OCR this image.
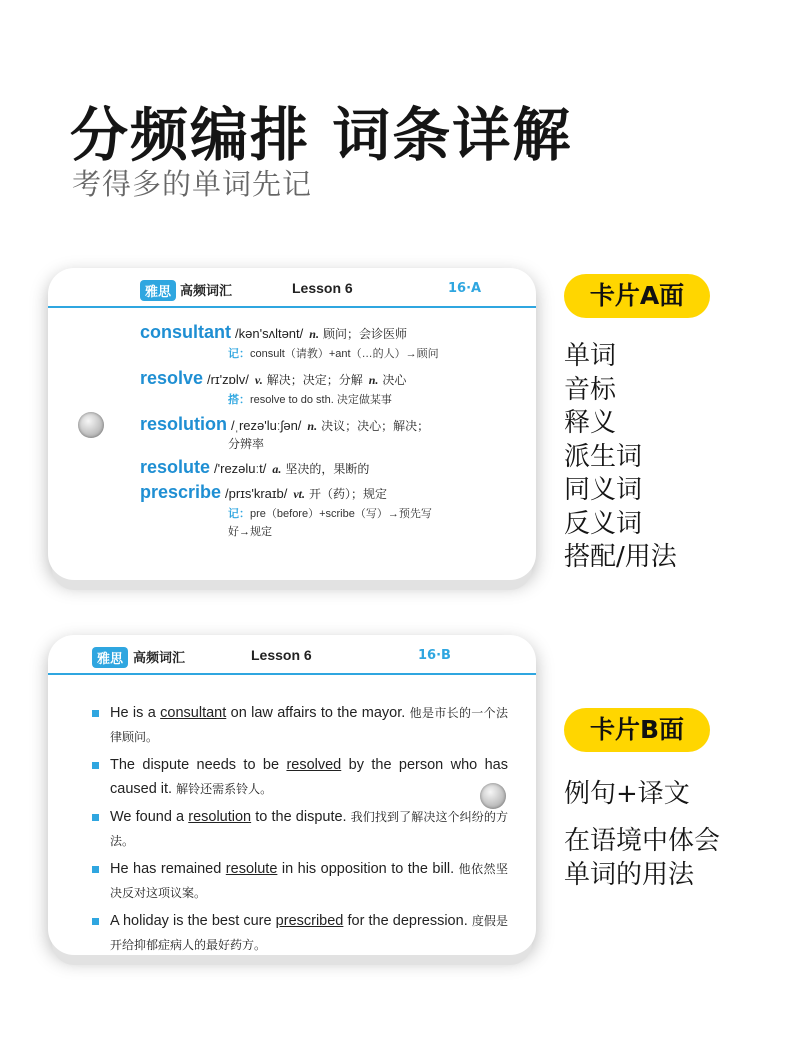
分频编排 词条详解
考得多的单词先记
雅思 高频词汇	Lesson 6	16·A
consultant /kən'sʌltənt/ n. 顾问；会诊医师
记：consult（请教）+ant（…的人）→顾问
resolve /rɪ'zɒlv/ v. 解决；决定；分解 n. 决心
搭：resolve to do sth. 决定做某事
resolution /ˌrezə'luːʃən/ n. 决议；决心；解决；
分辨率
resolute /'rezəluːt/ a. 坚决的，果断的
prescribe /prɪs'kraɪb/ vt. 开（药）；规定
记：pre（before）+scribe（写）→预先写
好→规定
雅思 高频词汇	Lesson 6	16·B
He is a consultant on law affairs to the mayor. 他是市长的一个法律顾问。
The dispute needs to be resolved by the person who has caused it. 解铃还需系铃人。
We found a resolution to the dispute. 我们找到了解决这个纠纷的方法。
He has remained resolute in his opposition to the bill. 他依然坚决反对这项议案。
A holiday is the best cure prescribed for the depression. 度假是开给抑郁症病人的最好药方。
卡片A面
单词
音标
释义
派生词
同义词
反义词
搭配/用法
卡片B面
例句+译文
在语境中体会
单词的用法
